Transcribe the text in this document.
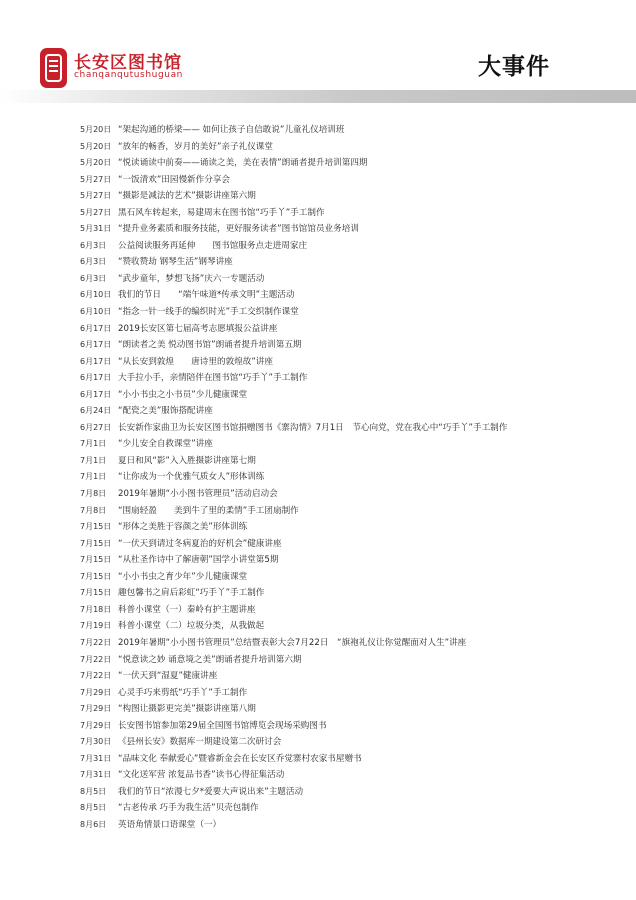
长安区图书馆
chanqanqutushuguan	大事件
5月20日 “架起沟通的桥梁—— 如何让孩子自信敢说”儿童礼仪培训班
5月20日 “放年的畅香，岁月的美好”亲子礼仪课堂
5月20日 “悦读诵读中前奏——诵读之美，美在表情”朗诵者提升培训第四期
5月27日 “一饭清欢”田园慢新作分享会
5月27日 “摄影是减法的艺术”摄影讲座第六期
5月27日 黑石风车转起来，易建周末在图书馆“巧手丫”手工制作
5月31日 “提升业务素质和服务技能，更好服务读者”图书馆馆员业务培训
6月3日	公益阅读服务再延伸　　图书馆服务点走进周家庄
6月3日	“赞收赞劫 钢琴生活”钢琴讲座
6月3日	“武步童年，梦想飞扬”庆六一专题活动
6月10日 我们的节日　　“端午味道*传承文明”主题活动
6月10日 “指念一针一线手的编织时光”手工交织制作课堂
6月17日 2019长安区第七届高考志愿填报公益讲座
6月17日 “朗读者之美 悦动图书馆”朗诵者提升培训第五期
6月17日 “从长安到敦煌　　唐诗里的敦煌故”讲座
6月17日 大手拉小手，亲情陪伴在图书馆“巧手丫”手工制作
6月17日 “小小书虫之小书员”少儿健康课堂
6月24日 “配瓷之美”服饰搭配讲座
6月27日 长安新作家曲卫为长安区图书馆捐赠图书《寨沟情》7月1日　节心向党，党在我心中“巧手丫”手工制作
7月1日	“少儿安全自救课堂”讲座
7月1日	夏日和风“影”入入胜摄影讲座第七期
7月1日	“让你成为一个优雅气质女人”形体训练
7月8日	2019年暑期“小小图书管理员”活动启动会
7月8日	“围扇轻盈　　美到牛了里的柔情”手工团扇制作
7月15日 “形体之美胜于容颜之美”形体训练
7月15日 “一伏天到请过冬病夏治的好机会”健康讲座
7月15日 “从杜圣作诗中了解唐朝”国学小讲堂第5期
7月15日 “小小书虫之育少年”少儿健康课堂
7月15日 趣包馨书之肩后彩虹“巧手丫”手工制作
7月18日 科普小课堂（一）秦岭有护主题讲座
7月19日 科普小课堂（二）垃圾分类，从我做起
7月22日 2019年暑期“小小图书管理员”总结暨表彰大会7月22日　“旗袍礼仪让你觉醒面对人生”讲座
7月22日 “悦意读之妙 诵意境之美”朗诵者提升培训第六期
7月22日 “一伏天到“湿夏”健康讲座
7月29日 心灵手巧来剪纸“巧手丫”手工制作
7月29日 “构图让摄影更完美”摄影讲座第八期
7月29日 长安图书馆参加第29届全国图书馆博览会现场采购图书
7月30日 《县州长安》数据库一期建设第二次研讨会
7月31日 “品味文化 奉献爱心”暨睿新金会在长安区乔觉寨村农家书屋赠书
7月31日 “文化送军营 浓复品书香”读书心得征集活动
8月5日	我们的节日“浓漫七夕*爱要大声说出来”主题活动
8月5日	“古老传承 巧手为我生活”贝壳包制作
8月6日	英语角情景口语课堂（一）
